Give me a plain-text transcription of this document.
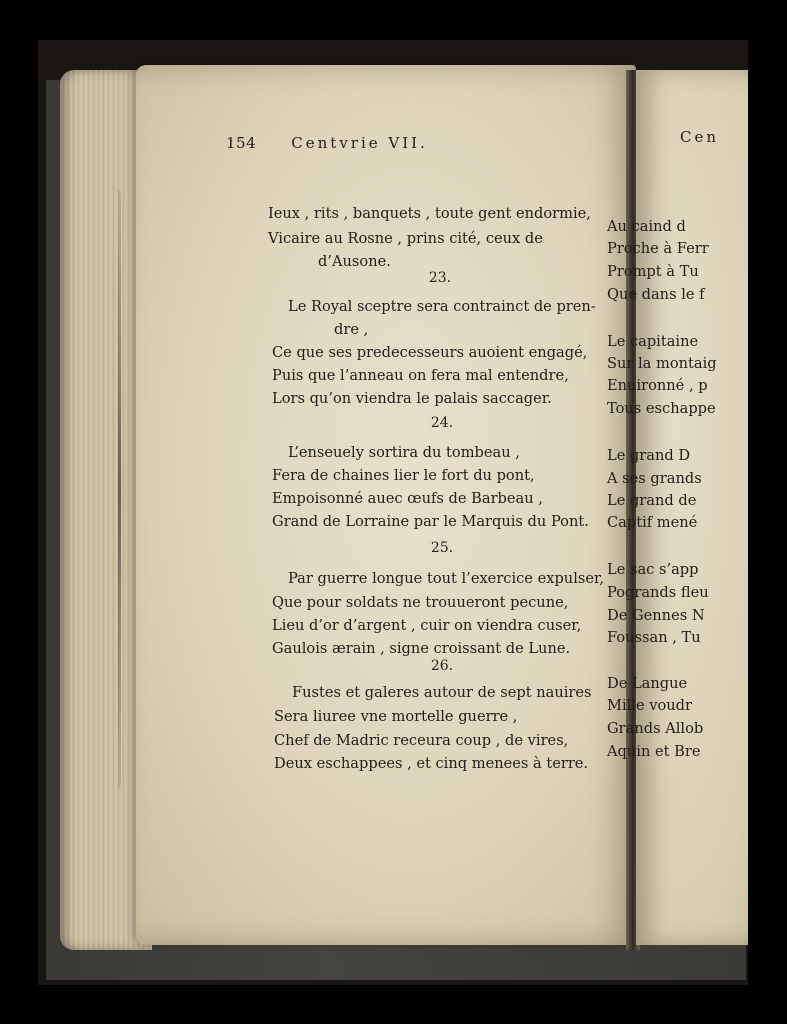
154 Centvrie VII.
Ieux , rits , banquets , toute gent endormie,
Vicaire au Rosne , prins cité, ceux de
d’Ausone.
23.
Le Royal sceptre sera contrainct de pren-
dre ,
Ce que ses predecesseurs auoient engagé,
Puis que l’anneau on fera mal entendre,
Lors qu’on viendra le palais saccager.
24.
L’enseuely sortira du tombeau ,
Fera de chaines lier le fort du pont,
Empoisonné auec œufs de Barbeau ,
Grand de Lorraine par le Marquis du Pont.
25.
Par guerre longue tout l’exercice expulser,
Que pour soldats ne trouueront pecune,
Lieu d’or d’argent , cuir on viendra cuser,
Gaulois ærain , signe croissant de Lune.
26.
Fustes et galeres autour de sept nauires
Sera liuree vne mortelle guerre ,
Chef de Madric receura coup , de vires,
Deux eschappees , et cinq menees à terre.
Au caind d
Proche à Ferr
Prompt à Tu
Que dans le f
Le capitaine
Sur la montaig
Enuironné , p
Tous eschappe
Le grand D
A ses grands
Le grand de
Captif mené
Le sac s’app
Pogrands fleu
De Gennes N
Foussan , Tu
De Langue
Mille voudr
Grands Allob
Aquin et Bre
Cen
